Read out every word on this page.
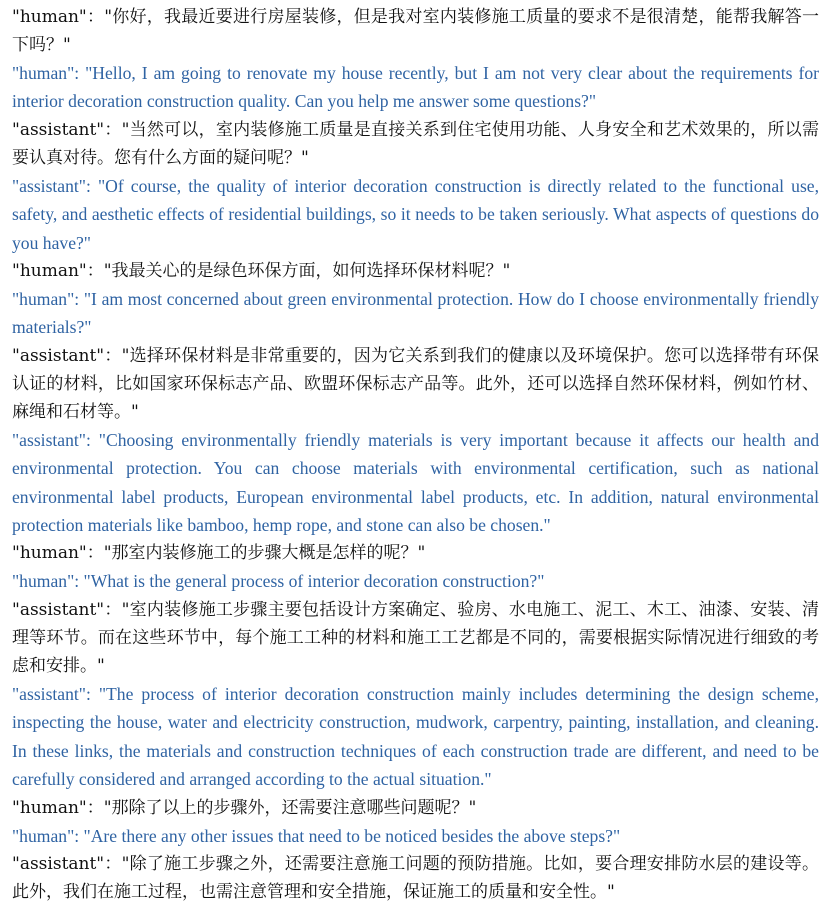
"human"："你好，我最近要进行房屋装修，但是我对室内装修施工质量的要求不是很清楚，能帮我解答一下吗？"

"human": "Hello, I am going to renovate my house recently, but I am not very clear about the requirements for interior decoration construction quality. Can you help me answer some questions?"

"assistant"："当然可以，室内装修施工质量是直接关系到住宅使用功能、人身安全和艺术效果的，所以需要认真对待。您有什么方面的疑问呢？"

"assistant": "Of course, the quality of interior decoration construction is directly related to the functional use, safety, and aesthetic effects of residential buildings, so it needs to be taken seriously. What aspects of questions do you have?"

"human"："我最关心的是绿色环保方面，如何选择环保材料呢？"

"human": "I am most concerned about green environmental protection. How do I choose environmentally friendly materials?"

"assistant"："选择环保材料是非常重要的，因为它关系到我们的健康以及环境保护。您可以选择带有环保认证的材料，比如国家环保标志产品、欧盟环保标志产品等。此外，还可以选择自然环保材料，例如竹材、麻绳和石材等。"

"assistant": "Choosing environmentally friendly materials is very important because it affects our health and environmental protection. You can choose materials with environmental certification, such as national environmental label products, European environmental label products, etc. In addition, natural environmental protection materials like bamboo, hemp rope, and stone can also be chosen."

"human"："那室内装修施工的步骤大概是怎样的呢？"

"human": "What is the general process of interior decoration construction?"

"assistant"："室内装修施工步骤主要包括设计方案确定、验房、水电施工、泥工、木工、油漆、安装、清理等环节。而在这些环节中，每个施工工种的材料和施工工艺都是不同的，需要根据实际情况进行细致的考虑和安排。"

"assistant": "The process of interior decoration construction mainly includes determining the design scheme, inspecting the house, water and electricity construction, mudwork, carpentry, painting, installation, and cleaning. In these links, the materials and construction techniques of each construction trade are different, and need to be carefully considered and arranged according to the actual situation."

"human"："那除了以上的步骤外，还需要注意哪些问题呢？"

"human": "Are there any other issues that need to be noticed besides the above steps?"

"assistant"："除了施工步骤之外，还需要注意施工问题的预防措施。比如，要合理安排防水层的建设等。此外，我们在施工过程，也需注意管理和安全措施，保证施工的质量和安全性。"
